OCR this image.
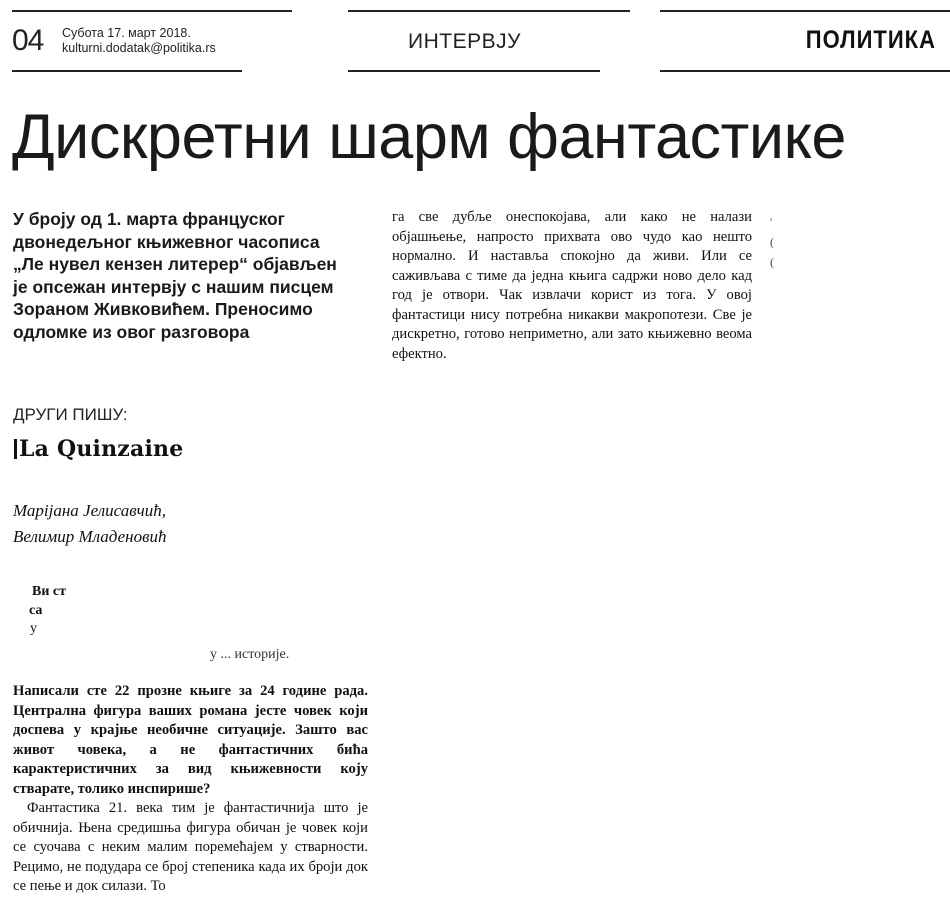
04 Субота 17. март 2018.
kulturni.dodatak@politika.rs	ИНТЕРВЈУ	ПОЛИТИКА
Дискретни шарм фантастике
У броју од 1. марта француског двонедељног књижевног часописа „Ле нувел кензен литерер“ објављен је опсежан интервју с нашим писцем Зораном Живковићем. Преносимо одломке из овог разговора
ДРУГИ ПИШУ:
La Quinzaine
Марijана Јелисавчић,
Велимир Младеновић
Ви ст
са
у
у ... историје.
Написали сте 22 прозне књиге за 24 године рада. Централна фигура ваших романа јесте човек који доспева у крајње необичне ситуације. Зашто вас живот човека, а не фантастичних бића карактеристичних за вид књижевности коју стварате, толико инспирише?
Фантастика 21. века тим је фантастичнија што је обичнија. Њена средишња фигура обичан је човек који се суочава с неким малим поремећајем у стварности. Рецимо, не подудара се број степеника када их броји док се пење и док силази. То
га све дубље онеспокојава, али како не налази објашњење, напросто прихвата ово чудо као нешто нормално. И наставља спокојно да живи. Или се саживљава с тиме да једна књига садржи ново дело кад год је отвори. Чак извлачи корист из тога. У овој фантастици нису потребна никакви макропотези. Све је дискретно, готово неприметно, али зато књижевно веома ефектно.
'
(
(
